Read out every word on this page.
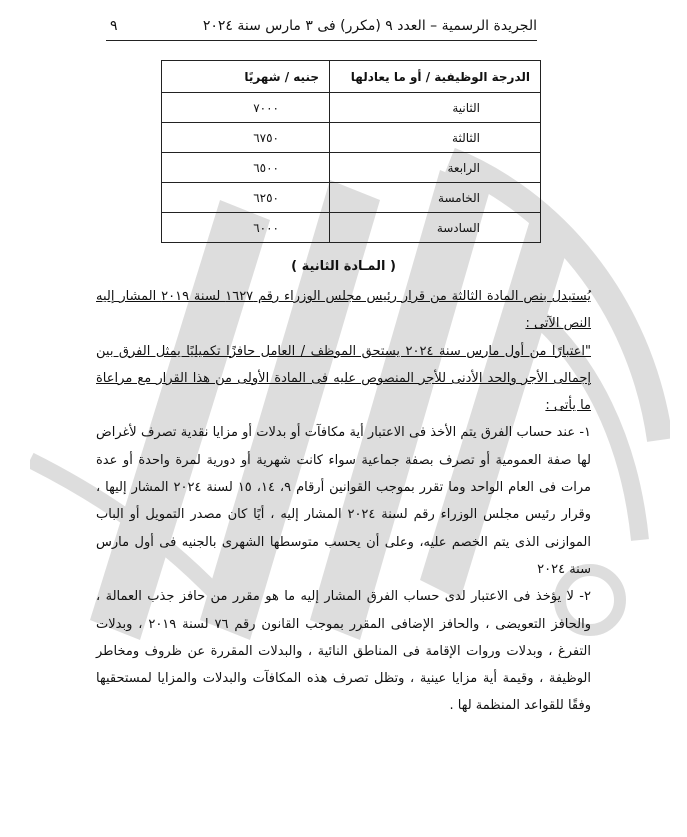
الجريدة الرسمية – العدد ٩ (مكرر) فى ٣ مارس سنة ٢٠٢٤
٩
الدرجة الوظيفية / أو ما يعادلها	جنيه / شهريًا
الثانية	٧٠٠٠
الثالثة	٦٧٥٠
الرابعة	٦٥٠٠
الخامسة	٦٢٥٠
السادسة	٦٠٠٠
( المـادة الثانية )

يُستبدل بنص المادة الثالثة من قرار رئيس مجلس الوزراء رقم ١٦٢٧ لسنة ٢٠١٩ المشار إليه النص الآتى :

"اعتبارًا من أول مارس سنة ٢٠٢٤ يستحق الموظف / العامل حافزًا تكميليًا يمثل الفرق بين إجمالى الأجر والحد الأدنى للأجر المنصوص عليه فى المادة الأولى من هذا القرار مع مراعاة ما يأتى :

١- عند حساب الفرق يتم الأخذ فى الاعتبار أية مكافآت أو بدلات أو مزايا نقدية تصرف لأغراض لها صفة العمومية أو تصرف بصفة جماعية سواء كانت شهرية أو دورية لمرة واحدة أو عدة مرات فى العام الواحد وما تقرر بموجب القوانين أرقام ٩، ١٤، ١٥ لسنة ٢٠٢٤ المشار إليها ، وقرار رئيس مجلس الوزراء رقم لسنة ٢٠٢٤ المشار إليه ، أيًا كان مصدر التمويل أو الباب الموازنى الذى يتم الخصم عليه، وعلى أن يحسب متوسطها الشهرى بالجنيه فى أول مارس سنة ٢٠٢٤

٢- لا يؤخذ فى الاعتبار لدى حساب الفرق المشار إليه ما هو مقرر من حافز جذب العمالة ، والحافز التعويضى ، والحافز الإضافى المقرر بموجب القانون رقم ٧٦ لسنة ٢٠١٩ ، وبدلات التفرغ ، وبدلات وروات الإقامة فى المناطق النائية ، والبدلات المقررة عن ظروف ومخاطر الوظيفة ، وقيمة أية مزايا عينية ، وتظل تصرف هذه المكافآت والبدلات والمزايا لمستحقيها وفقًا للقواعد المنظمة لها .
